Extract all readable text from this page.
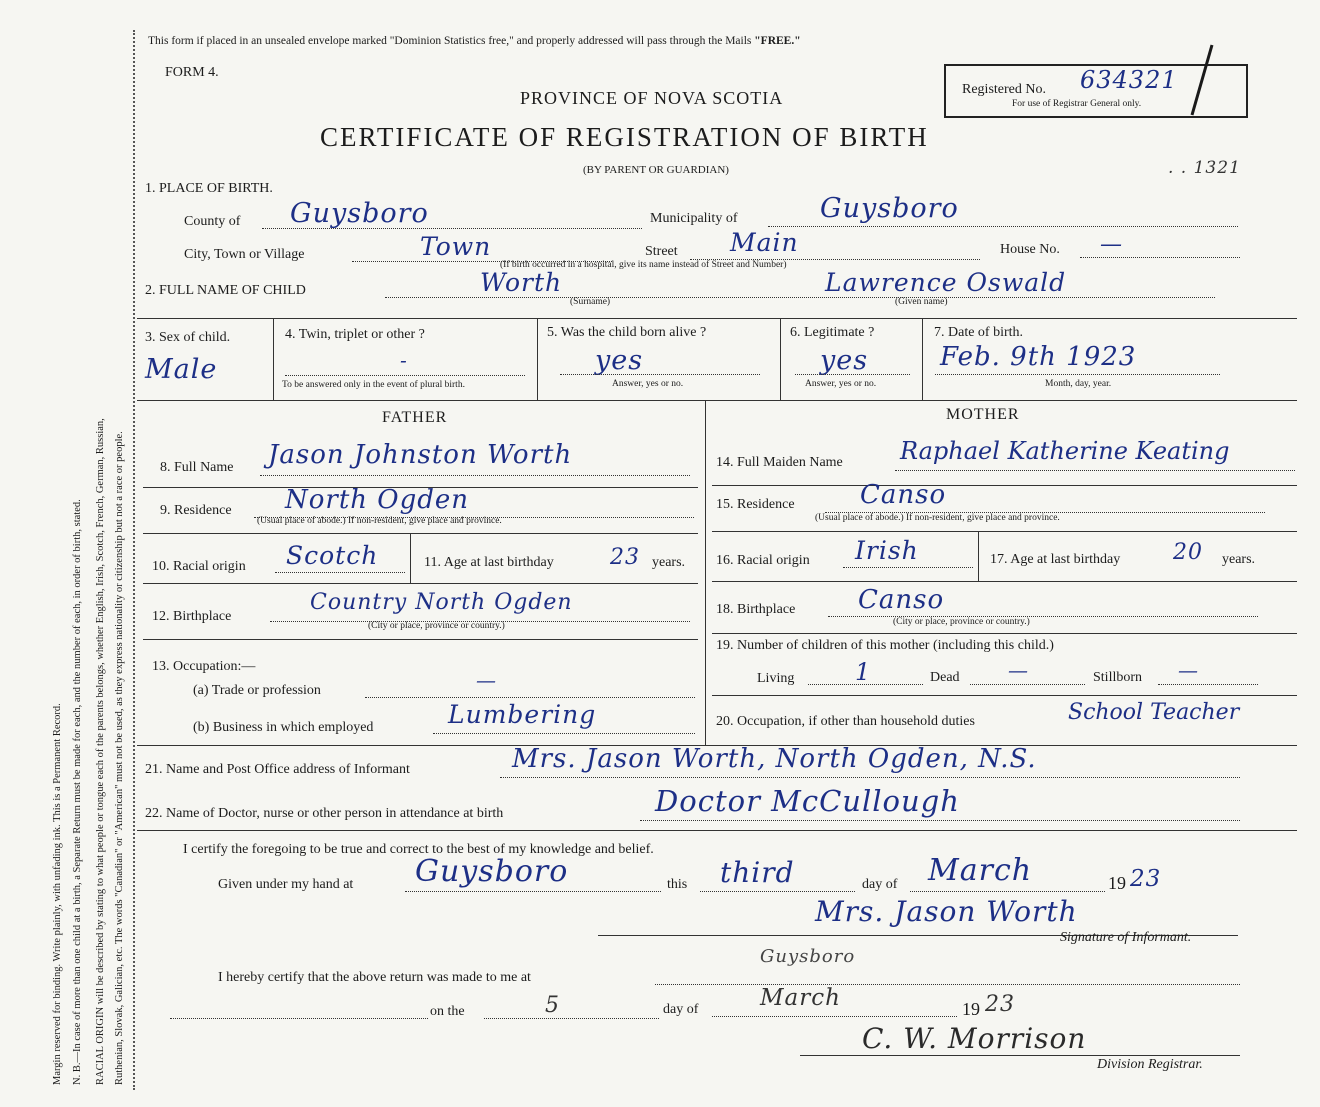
Margin reserved for binding. Write plainly, with unfading ink. This is a Permanent Record. N. B.—In case of more than one child at a birth, a Separate Return must be made for each, and the number of each, in order of birth, stated. RACIAL ORIGIN will be described by stating to what people or tongue each of the parents belongs, whether English, Irish, Scotch, French, German, Russian, Ruthenian, Slovak, Galician, etc. The words "Canadian" or "American" must not be used, as they express nationality or citizenship but not a race or people.
This form if placed in an unsealed envelope marked "Dominion Statistics free," and properly addressed will pass through the Mails "FREE."
FORM 4.
PROVINCE OF NOVA SCOTIA
CERTIFICATE OF REGISTRATION OF BIRTH
(BY PARENT OR GUARDIAN)
Registered No. 634321
For use of Registrar General only.
. . 1321
1. PLACE OF BIRTH.
County of Guysboro	Municipality of	Guysboro
City, Town or Village	Town	Street Main	House No. —
(If birth occurred in a hospital, give its name instead of Street and Number)
2. FULL NAME OF CHILD	Worth
(Surname)
Lawrence Oswald
(Given name)
3. Sex of child.
Male
4. Twin, triplet or other ?
-
To be answered only in the event of plural birth.
5. Was the child born alive ?
yes
Answer, yes or no.
6. Legitimate ?
yes
Answer, yes or no.
7. Date of birth.
Feb. 9th 1923
Month, day, year.
FATHER	MOTHER
8. Full Name Jason Johnston Worth
9. Residence North Ogden
(Usual place of abode.) If non-resident, give place and province.
10. Racial origin Scotch	11. Age at last birthday	23 years.
12. Birthplace
Country North Ogden
(City or place, province or country.)
13. Occupation:—
(a) Trade or profession	—
(b) Business in which employed	Lumbering
14. Full Maiden Name Raphael Katherine Keating
15. Residence	Canso
(Usual place of abode.) If non-resident, give place and province.
16. Racial origin Irish	17. Age at last birthday 20 years.
18. Birthplace Canso
(City or place, province or country.)
19. Number of children of this mother (including this child.)
Living	1	Dead —	Stillborn —
20. Occupation, if other than household duties	School Teacher
21. Name and Post Office address of Informant	Mrs. Jason Worth, North Ogden, N.S.
22. Name of Doctor, nurse or other person in attendance at birth	Doctor McCullough
I certify the foregoing to be true and correct to the best of my knowledge and belief.
Given under my hand at Guysboro	this third	day of March	19 23
Mrs. Jason Worth
Signature of Informant.
I hereby certify that the above return was made to me at
Guysboro
on the	5	day of	March	19 23
C. W. Morrison
Division Registrar.
